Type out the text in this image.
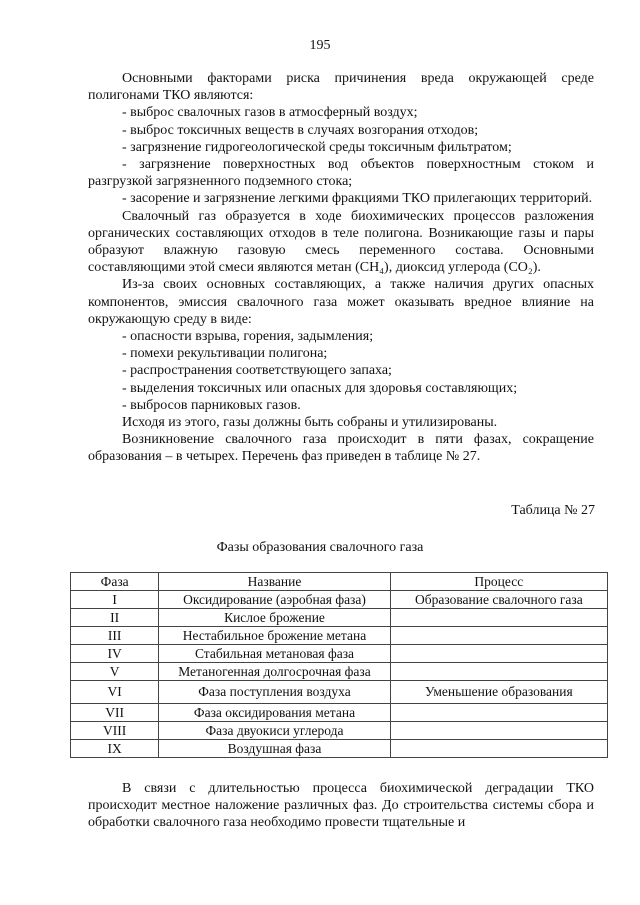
195

Основными факторами риска причинения вреда окружающей среде полигонами ТКО являются:

- выброс свалочных газов в атмосферный воздух;

- выброс токсичных веществ в случаях возгорания отходов;

- загрязнение гидрогеологической среды токсичным фильтратом;

- загрязнение поверхностных вод объектов поверхностным стоком и разгрузкой загрязненного подземного стока;

- засорение и загрязнение легкими фракциями ТКО прилегающих территорий.

Свалочный газ образуется в ходе биохимических процессов разложения органических составляющих отходов в теле полигона. Возникающие газы и пары образуют влажную газовую смесь переменного состава. Основными составляющими этой смеси являются метан (CH₄), диоксид углерода (CO₂).

Из-за своих основных составляющих, а также наличия других опасных компонентов, эмиссия свалочного газа может оказывать вредное влияние на окружающую среду в виде:

- опасности взрыва, горения, задымления;

- помехи рекультивации полигона;

- распространения соответствующего запаха;

- выделения токсичных или опасных для здоровья составляющих;

- выбросов парниковых газов.

Исходя из этого, газы должны быть собраны и утилизированы.

Возникновение свалочного газа происходит в пяти фазах, сокращение образования – в четырех. Перечень фаз приведен в таблице № 27.

Таблица № 27
Фазы образования свалочного газа
Фаза	Название	Процесс
I	Оксидирование (аэробная фаза)	Образование свалочного газа
II	Кислое брожение	
III	Нестабильное брожение метана	
IV	Стабильная метановая фаза	
V	Метаногенная долгосрочная фаза	
VI	Фаза поступления воздуха	Уменьшение образования
VII	Фаза оксидирования метана	
VIII	Фаза двуокиси углерода	
IX	Воздушная фаза	

В связи с длительностью процесса биохимической деградации ТКО происходит местное наложение различных фаз. До строительства системы сбора и обработки свалочного газа необходимо провести тщательные и
